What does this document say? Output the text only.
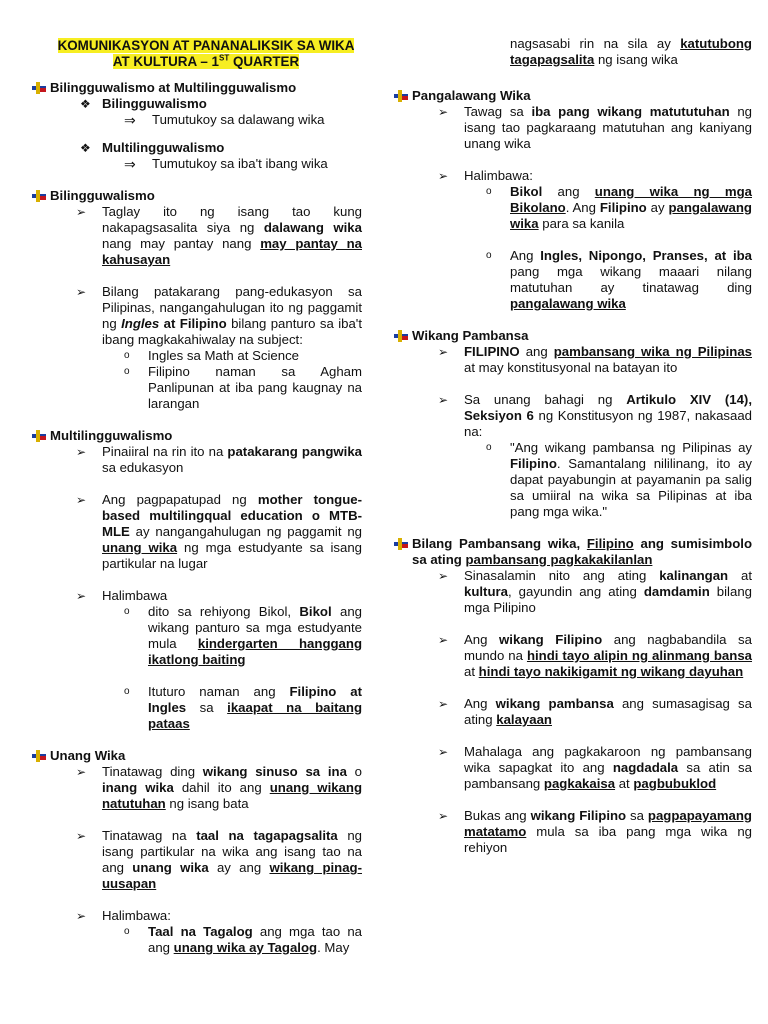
KOMUNIKASYON AT PANANALIKSIK SA WIKA
AT KULTURA – 1ST QUARTER

Bilingguwalismo at Multilingguwalismo

❖ Bilingguwalismo

⇒ Tumutukoy sa dalawang wika

❖ Multilingguwalismo

⇒ Tumutukoy sa iba't ibang wika

Bilingguwalismo

➢ Taglay ito ng isang tao kung nakapagsasalita siya ng dalawang wika nang may pantay nang may pantay na kahusayan

➢ Bilang patakarang pang-edukasyon sa Pilipinas, nangangahulugan ito ng paggamit ng Ingles at Filipino bilang panturo sa iba't ibang magkakahiwalay na subject:

o Ingles sa Math at Science

o Filipino naman sa Agham Panlipunan at iba pang kaugnay na larangan

Multilingguwalismo

➢ Pinaiiral na rin ito na patakarang pangwika sa edukasyon

➢ Ang pagpapatupad ng mother tongue-based multilingqual education o MTB-MLE ay nangangahulugan ng paggamit ng unang wika ng mga estudyante sa isang partikular na lugar

➢ Halimbawa

o dito sa rehiyong Bikol, Bikol ang wikang panturo sa mga estudyante mula kindergarten hanggang ikatlong baiting

o Ituturo naman ang Filipino at Ingles sa ikaapat na baitang pataas

Unang Wika

➢ Tinatawag ding wikang sinuso sa ina o inang wika dahil ito ang unang wikang natutuhan ng isang bata

➢ Tinatawag na taal na tagapagsalita ng isang partikular na wika ang isang tao na ang unang wika ay ang wikang pinag-uusapan

➢ Halimbawa:

o Taal na Tagalog ang mga tao na ang unang wika ay Tagalog. May

nagsasabi rin na sila ay katutubong tagapagsalita ng isang wika

Pangalawang Wika

➢ Tawag sa iba pang wikang matututuhan ng isang tao pagkaraang matutuhan ang kaniyang unang wika

➢ Halimbawa:

o Bikol ang unang wika ng mga Bikolano. Ang Filipino ay pangalawang wika para sa kanila

o Ang Ingles, Nipongo, Pranses, at iba pang mga wikang maaari nilang matutuhan ay tinatawag ding pangalawang wika

Wikang Pambansa

➢ FILIPINO ang pambansang wika ng Pilipinas at may konstitusyonal na batayan ito

➢ Sa unang bahagi ng Artikulo XIV (14), Seksiyon 6 ng Konstitusyon ng 1987, nakasaad na:

o "Ang wikang pambansa ng Pilipinas ay Filipino. Samantalang nililinang, ito ay dapat payabungin at payamanin pa salig sa umiiral na wika sa Pilipinas at iba pang mga wika."

Bilang Pambansang wika, Filipino ang sumisimbolo sa ating pambansang pagkakakilanlan

➢ Sinasalamin nito ang ating kalinangan at kultura, gayundin ang ating damdamin bilang mga Pilipino

➢ Ang wikang Filipino ang nagbabandila sa mundo na hindi tayo alipin ng alinmang bansa at hindi tayo nakikigamit ng wikang dayuhan

➢ Ang wikang pambansa ang sumasagisag sa ating kalayaan

➢ Mahalaga ang pagkakaroon ng pambansang wika sapagkat ito ang nagdadala sa atin sa pambansang pagkakaisa at pagbubuklod

➢ Bukas ang wikang Filipino sa pagpapayamang matatamo mula sa iba pang mga wika ng rehiyon
